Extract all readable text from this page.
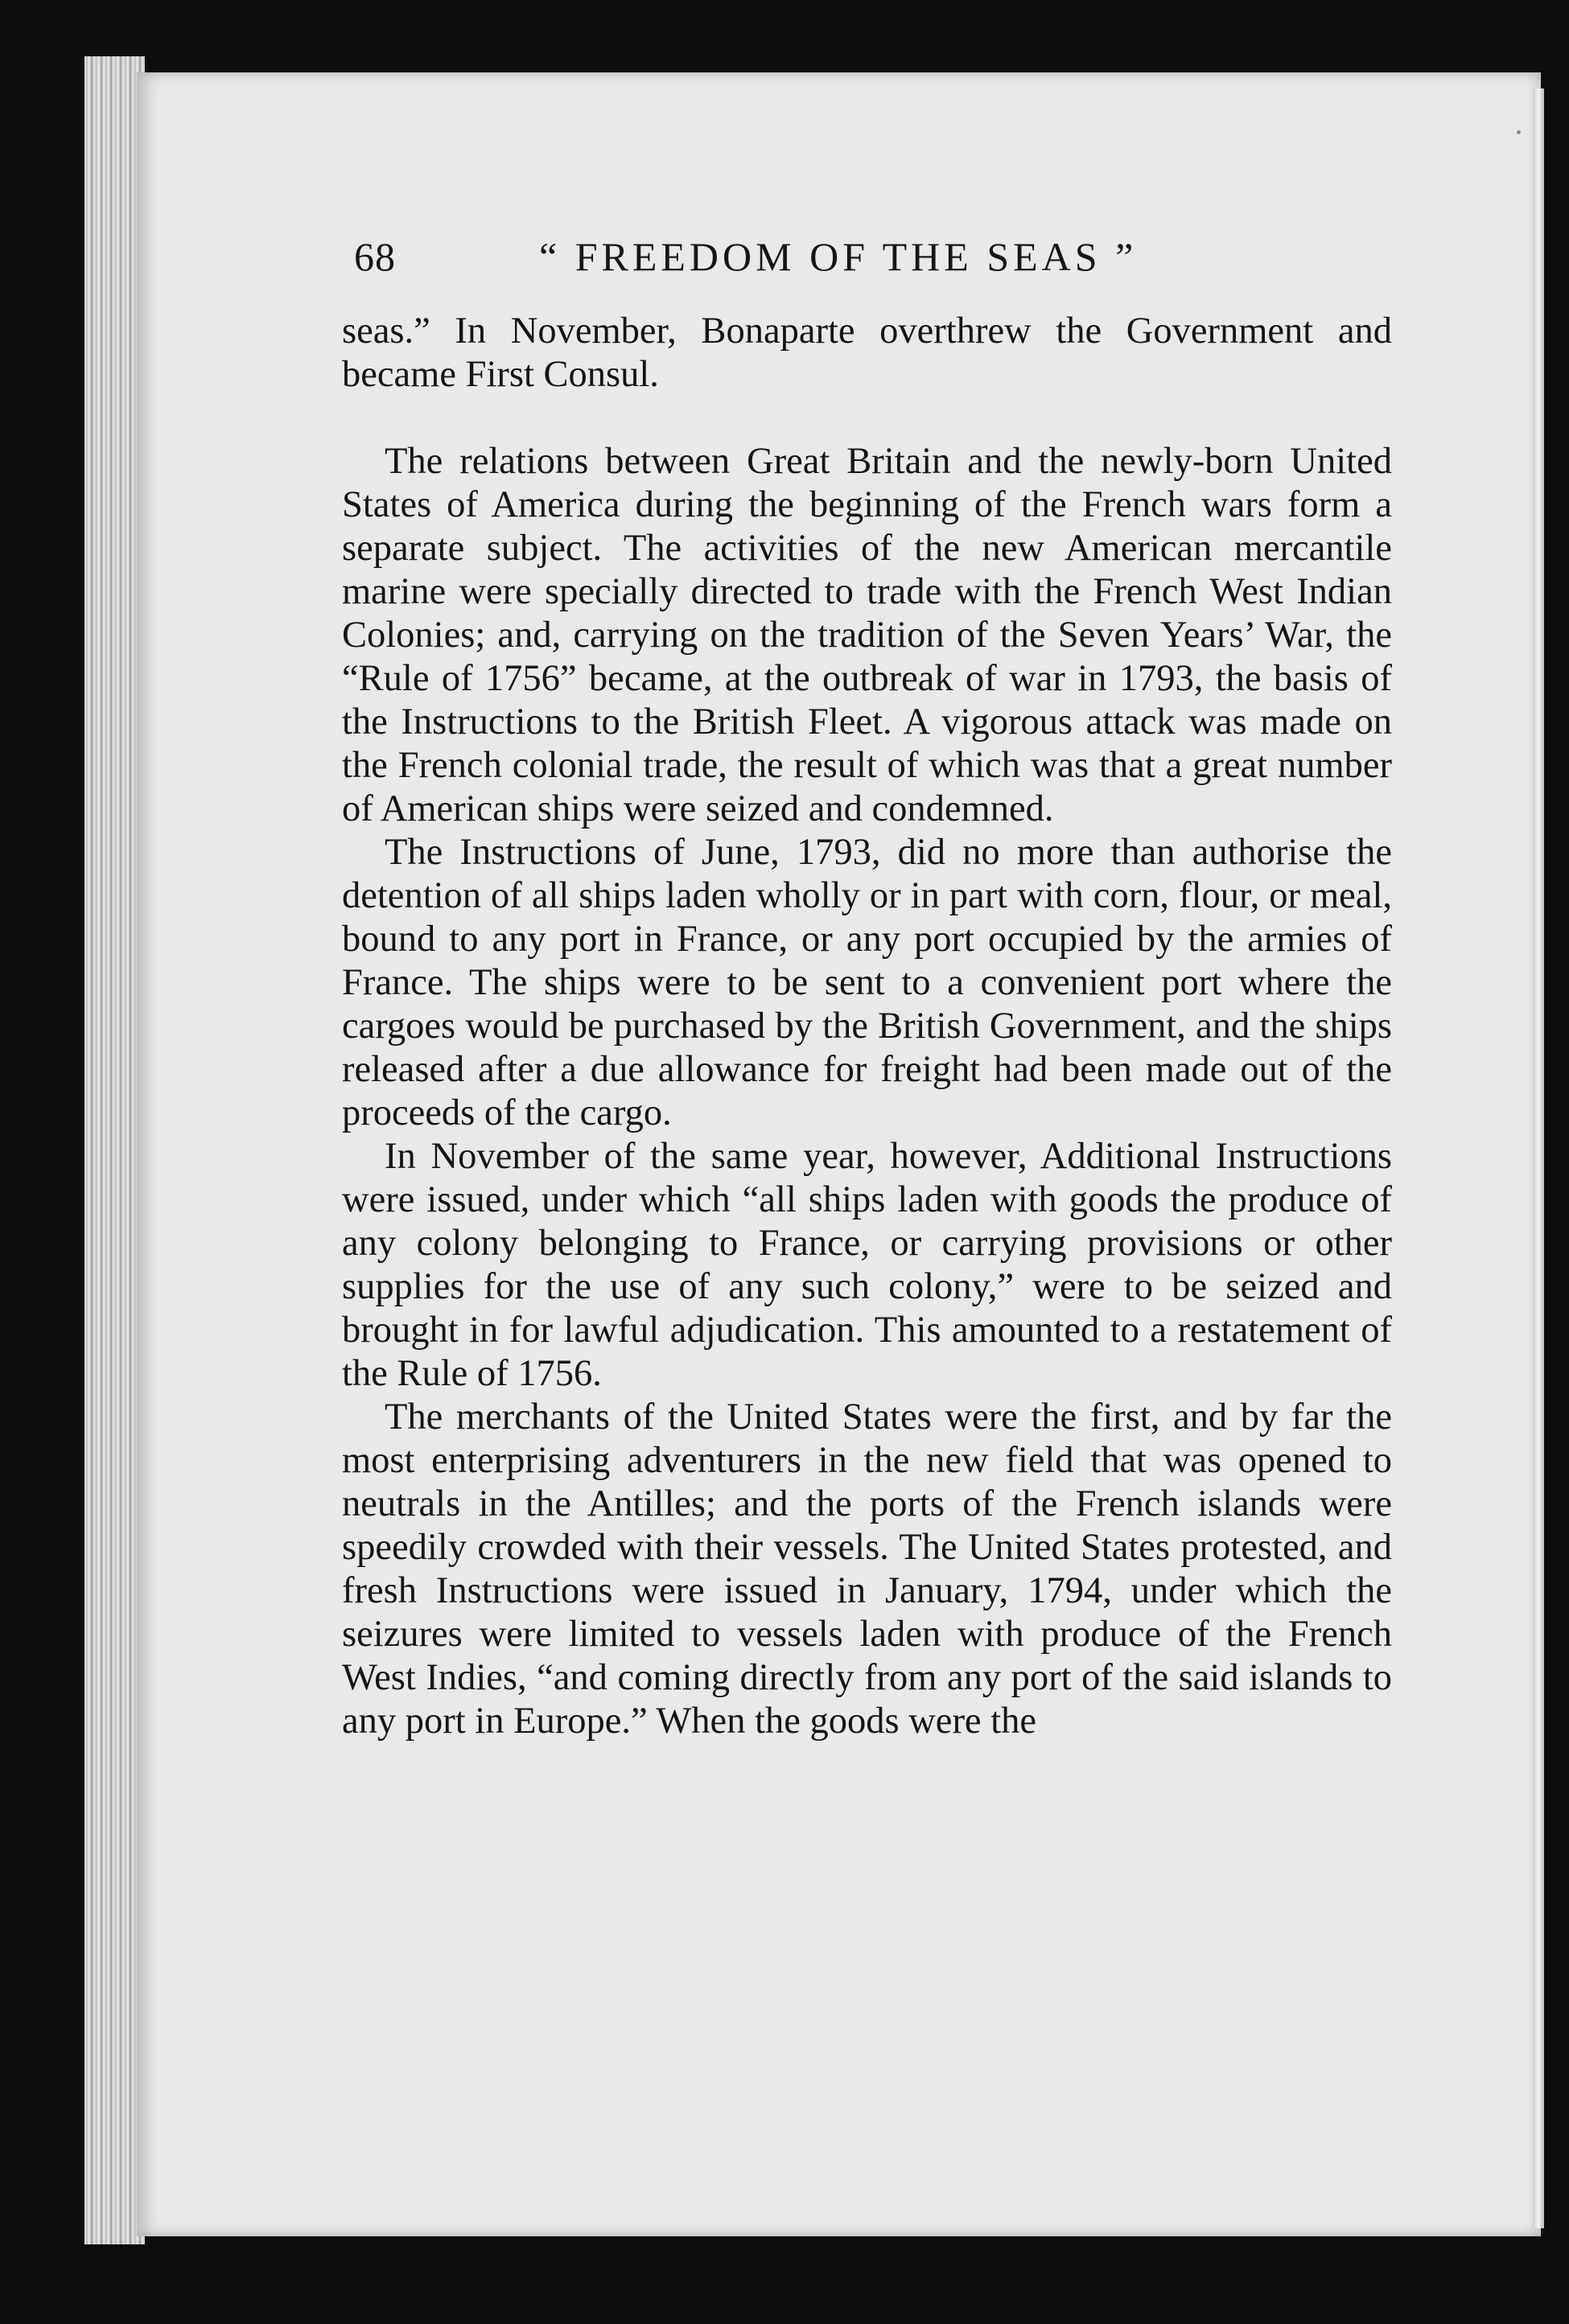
68	“ FREEDOM OF THE SEAS ”

seas.” In November, Bonaparte overthrew the Government and became First Consul.

The relations between Great Britain and the newly-born United States of America during the beginning of the French wars form a separate subject. The activities of the new American mercantile marine were specially directed to trade with the French West Indian Colonies; and, carrying on the tradition of the Seven Years’ War, the “Rule of 1756” became, at the outbreak of war in 1793, the basis of the Instructions to the British Fleet. A vigorous attack was made on the French colonial trade, the result of which was that a great number of American ships were seized and condemned.

The Instructions of June, 1793, did no more than authorise the detention of all ships laden wholly or in part with corn, flour, or meal, bound to any port in France, or any port occupied by the armies of France. The ships were to be sent to a convenient port where the cargoes would be purchased by the British Government, and the ships released after a due allowance for freight had been made out of the proceeds of the cargo.

In November of the same year, however, Additional Instructions were issued, under which “all ships laden with goods the produce of any colony belonging to France, or carrying provisions or other supplies for the use of any such colony,” were to be seized and brought in for lawful adjudication. This amounted to a restatement of the Rule of 1756.

The merchants of the United States were the first, and by far the most enterprising adventurers in the new field that was opened to neutrals in the Antilles; and the ports of the French islands were speedily crowded with their vessels. The United States protested, and fresh Instructions were issued in January, 1794, under which the seizures were limited to vessels laden with produce of the French West Indies, “and coming directly from any port of the said islands to any port in Europe.” When the goods were the
